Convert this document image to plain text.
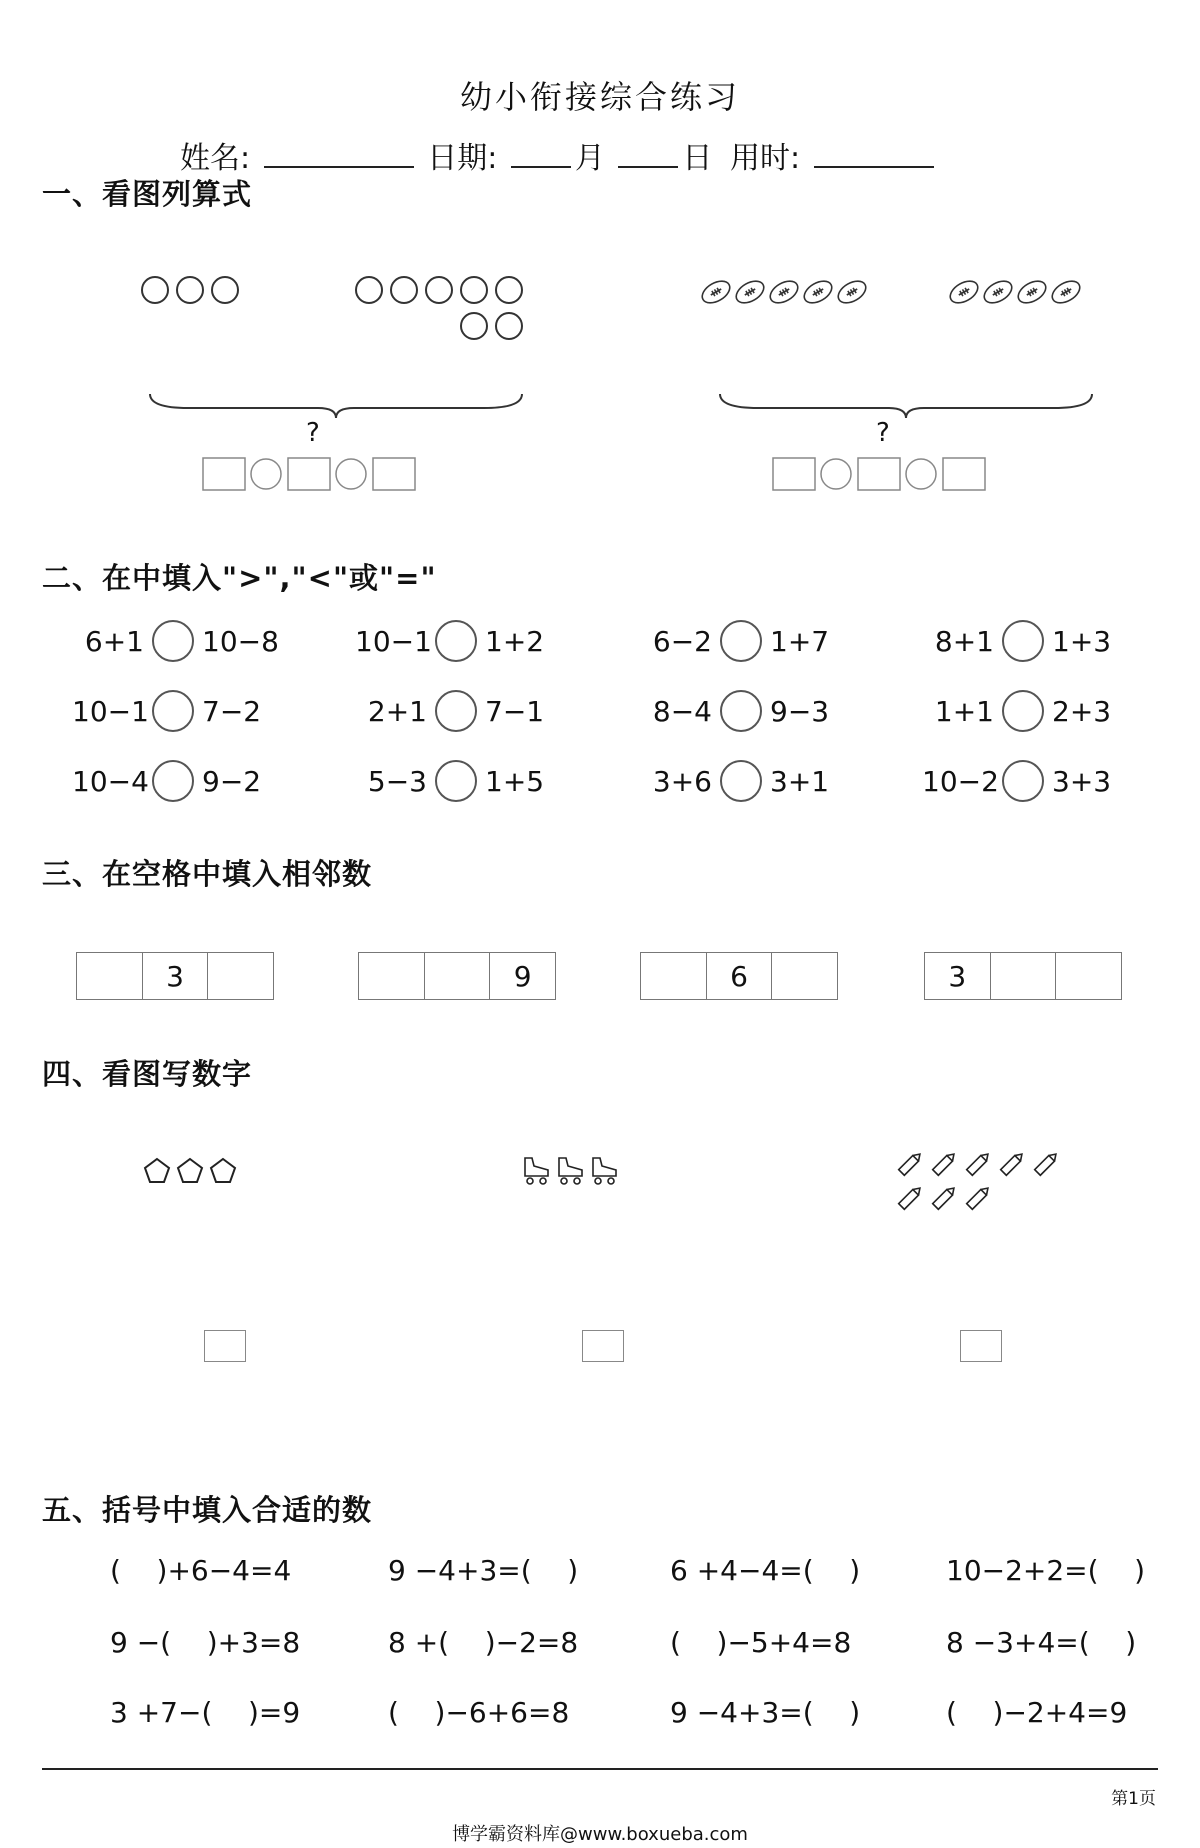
幼小衔接综合练习
姓名:	日期:	月	日 用时:
一、看图列算式
?	?
二、在中填入">","<"或"="
6+1 10−8	10−1 1+2	6−2 1+7	8+1 1+3
10−1 7−2	2+1 7−1	8−4 9−3	1+1 2+3
10−4 9−2	5−3 1+5	3+6 3+1	10−2 3+3
三、在空格中填入相邻数
3	9	6	3
四、看图写数字
五、括号中填入合适的数
(    )+6−4=4	9 −4+3=(    )	6 +4−4=(    )	10−2+2=(    )
9 −(    )+3=8	8 +(    )−2=8	(    )−5+4=8	8 −3+4=(    )
3 +7−(    )=9	(    )−6+6=8	9 −4+3=(    )	(    )−2+4=9
第1页
博学霸资料库@www.boxueba.com
